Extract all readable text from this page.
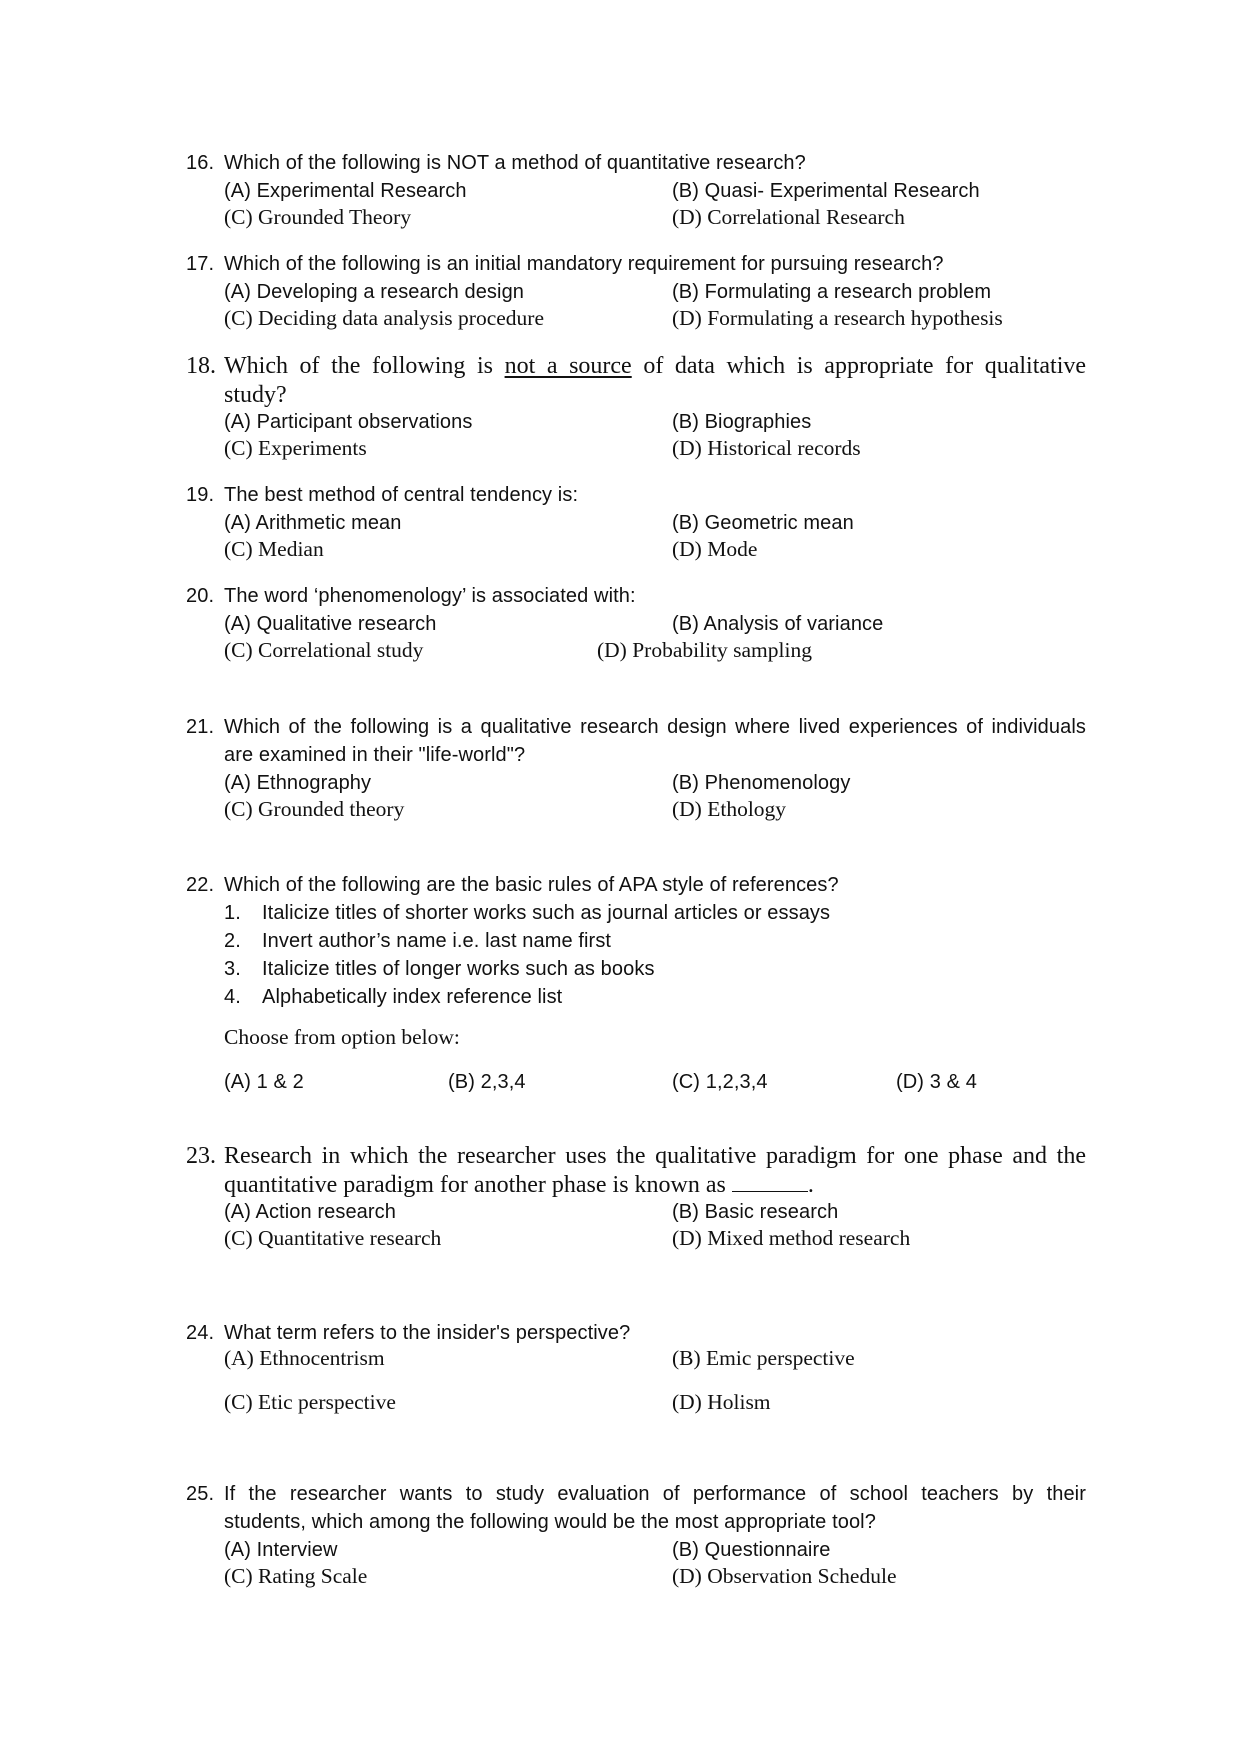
16. Which of the following is NOT a method of quantitative research?
(A) Experimental Research	(B) Quasi- Experimental Research
(C) Grounded Theory	(D) Correlational Research
17. Which of the following is an initial mandatory requirement for pursuing research?
(A) Developing a research design	(B) Formulating a research problem
(C) Deciding data analysis procedure	(D) Formulating a research hypothesis
18. Which of the following is not a source of data which is appropriate for qualitative
study?
(A) Participant observations	(B) Biographies
(C) Experiments	(D) Historical records
19. The best method of central tendency is:
(A) Arithmetic mean	(B) Geometric mean
(C) Median	(D) Mode
20. The word ‘phenomenology’ is associated with:
(A) Qualitative research	(B) Analysis of variance
(C) Correlational study	(D) Probability sampling
21. Which of the following is a qualitative research design where lived experiences of individuals
are examined in their "life-world"?
(A) Ethnography	(B) Phenomenology
(C) Grounded theory	(D) Ethology
22. Which of the following are the basic rules of APA style of references?
1. Italicize titles of shorter works such as journal articles or essays
2. Invert author’s name i.e. last name first
3. Italicize titles of longer works such as books
4. Alphabetically index reference list
Choose from option below:
(A) 1 & 2	(B) 2,3,4	(C) 1,2,3,4	(D) 3 & 4
23. Research in which the researcher uses the qualitative paradigm for one phase and the
quantitative paradigm for another phase is known as	.
(A) Action research	(B) Basic research
(C) Quantitative research	(D) Mixed method research
24. What term refers to the insider's perspective?
(A) Ethnocentrism	(B) Emic perspective
(C) Etic perspective	(D) Holism
25. If the researcher wants to study evaluation of performance of school teachers by their
students, which among the following would be the most appropriate tool?
(A) Interview	(B) Questionnaire
(C) Rating Scale	(D) Observation Schedule
